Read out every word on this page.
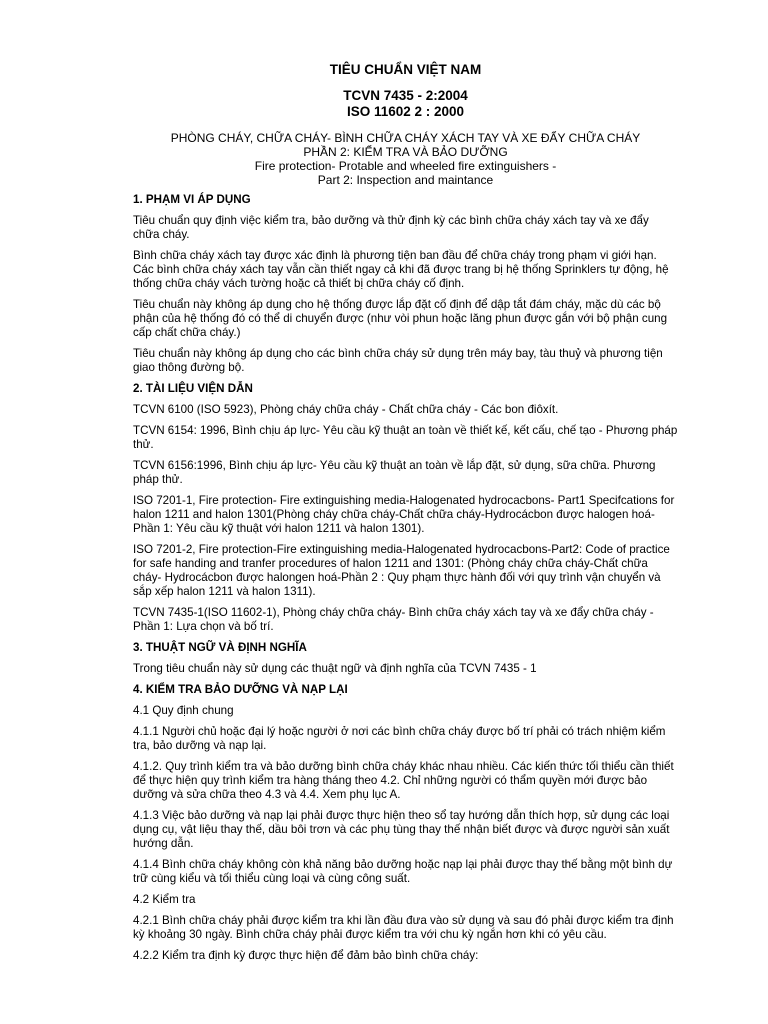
TIÊU CHUẨN VIỆT NAM
TCVN 7435 - 2:2004
ISO 11602 2 : 2000
PHÒNG CHÁY, CHỮA CHÁY- BÌNH CHỮA CHÁY XÁCH TAY VÀ XE ĐẨY CHỮA CHÁY
PHẦN 2: KIỂM TRA VÀ BẢO DƯỠNG
Fire protection- Protable and wheeled fire extinguishers -
Part 2: Inspection and maintance
1. PHẠM VI ÁP DỤNG

Tiêu chuẩn quy định việc kiểm tra, bảo dưỡng và thử định kỳ các bình chữa cháy xách tay và xe đẩy chữa cháy.

Bình chữa cháy xách tay được xác định là phương tiện ban đầu để chữa cháy trong phạm vi giới hạn. Các bình chữa cháy xách tay vẫn cần thiết ngay cả khi đã được trang bị hệ thống Sprinklers tự động, hệ thống chữa cháy vách tường hoặc cả thiết bị chữa cháy cố định.

Tiêu chuẩn này không áp dụng cho hệ thống được lắp đặt cố định để dập tắt đám cháy, mặc dù các bộ phận của hệ thống đó có thể di chuyển được (như vòi phun hoặc lăng phun được gắn với bộ phận cung cấp chất chữa cháy.)

Tiêu chuẩn này không áp dụng cho các bình chữa cháy sử dụng trên máy bay, tàu thuỷ và phương tiện giao thông đường bộ.

2. TÀI LIỆU VIỆN DẪN

TCVN 6100 (ISO 5923), Phòng cháy chữa cháy - Chất chữa cháy - Các bon điôxít.

TCVN 6154: 1996, Bình chịu áp lực- Yêu cầu kỹ thuật an toàn về thiết kế, kết cấu, chế tạo - Phương pháp thử.

TCVN 6156:1996, Bình chịu áp lực- Yêu cầu kỹ thuật an toàn về lắp đặt, sử dụng, sữa chữa. Phương pháp thử.

ISO 7201-1, Fire protection- Fire extinguishing media-Halogenated hydrocacbons- Part1 Specifcations for halon 1211 and halon 1301(Phòng cháy chữa cháy-Chất chữa cháy-Hydrocácbon được halogen hoá- Phần 1: Yêu cầu kỹ thuật với halon 1211 và halon 1301).

ISO 7201-2, Fire protection-Fire extinguishing media-Halogenated hydrocacbons-Part2: Code of practice for safe handing and tranfer procedures of halon 1211 and 1301: (Phòng cháy chữa cháy-Chất chữa cháy- Hydrocácbon được halongen hoá-Phần 2 : Quy phạm thực hành đối với quy trình vận chuyển và sắp xếp halon 1211 và halon 1311).

TCVN 7435-1(ISO 11602-1), Phòng cháy chữa cháy- Bình chữa cháy xách tay và xe đẩy chữa cháy - Phần 1: Lựa chọn và bố trí.

3. THUẬT NGỮ VÀ ĐỊNH NGHĨA

Trong tiêu chuẩn này sử dụng các thuật ngữ và định nghĩa của TCVN 7435 - 1

4. KIỂM TRA BẢO DƯỠNG VÀ NẠP LẠI

4.1 Quy định chung

4.1.1 Người chủ hoặc đại lý hoặc người ở nơi các bình chữa cháy được bố trí phải có trách nhiệm kiểm tra, bảo dưỡng và nạp lại.

4.1.2. Quy trình kiểm tra và bảo dưỡng bình chữa cháy khác nhau nhiều. Các kiến thức tối thiểu cần thiết để thực hiện quy trình kiểm tra hàng tháng theo 4.2. Chỉ những người có thẩm quyền mới được bảo dưỡng và sửa chữa theo 4.3 và 4.4. Xem phụ lục A.

4.1.3 Việc bảo dưỡng và nạp lại phải được thực hiện theo sổ tay hướng dẫn thích hợp, sử dụng các loại dụng cụ, vật liệu thay thế, dầu bôi trơn và các phụ tùng thay thế nhận biết được và được người sản xuất hướng dẫn.

4.1.4 Bình chữa cháy không còn khả năng bảo dưỡng hoặc nạp lại phải được thay thế bằng một bình dự trữ cùng kiểu và tối thiểu cùng loại và cùng công suất.

4.2 Kiểm tra

4.2.1 Bình chữa cháy phải được kiểm tra khi lần đầu đưa vào sử dụng và sau đó phải được kiểm tra định kỳ khoảng 30 ngày. Bình chữa cháy phải được kiểm tra với chu kỳ ngắn hơn khi có yêu cầu.

4.2.2 Kiểm tra định kỳ được thực hiện để đảm bảo bình chữa cháy:
